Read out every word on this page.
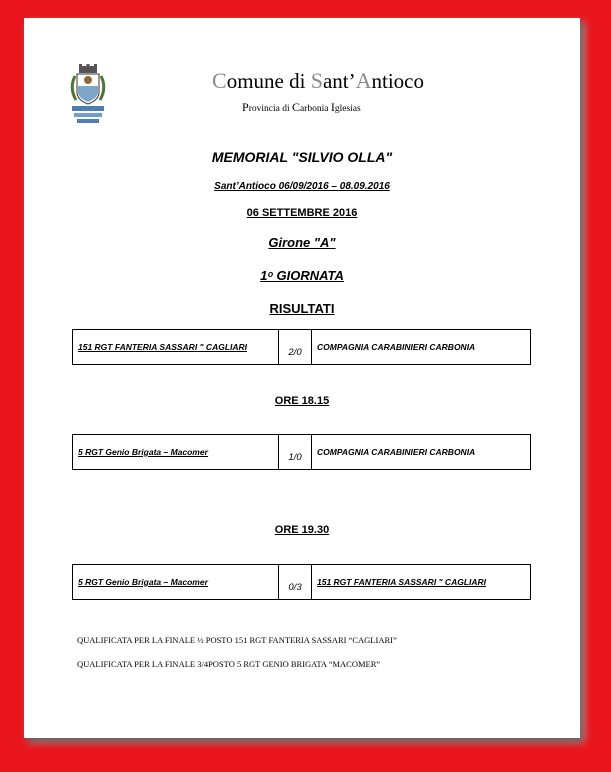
Comune di Sant’Antioco
Provincia di Carbonia Iglesias
MEMORIAL "SILVIO OLLA"
Sant’Antioco 06/09/2016 – 08.09.2016
06 SETTEMBRE 2016
Girone "A"
1ᵒ GIORNATA
RISULTATI
151 RGT FANTERIA SASSARI " CAGLIARI	2/0	COMPAGNIA CARABINIERI CARBONIA
ORE 18.15
5 RGT Genio Brigata – Macomer	1/0	COMPAGNIA CARABINIERI CARBONIA
ORE 19.30
5 RGT Genio Brigata – Macomer	0/3	151 RGT FANTERIA SASSARI " CAGLIARI
QUALIFICATA PER LA FINALE ½ POSTO 151 RGT FANTERIA SASSARI “CAGLIARI”
QUALIFICATA PER LA FINALE 3/4POSTO 5 RGT GENIO BRIGATA “MACOMER”
